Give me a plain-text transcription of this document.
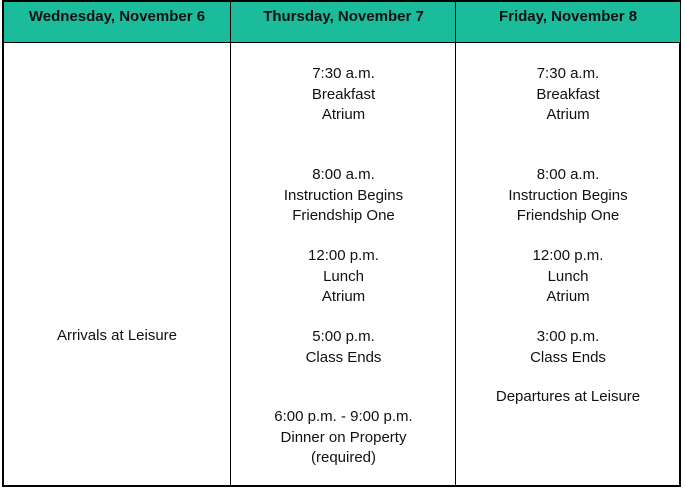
Wednesday, November 6
Arrivals at Leisure
Thursday, November 7
7:30 a.m.
Breakfast
Atrium
8:00 a.m.
Instruction Begins
Friendship One
12:00 p.m.
Lunch
Atrium
5:00 p.m.
Class Ends
6:00 p.m. - 9:00 p.m.
Dinner on Property
(required)
Friday, November 8
7:30 a.m.
Breakfast
Atrium
8:00 a.m.
Instruction Begins
Friendship One
12:00 p.m.
Lunch
Atrium
3:00 p.m.
Class Ends
Departures at Leisure
